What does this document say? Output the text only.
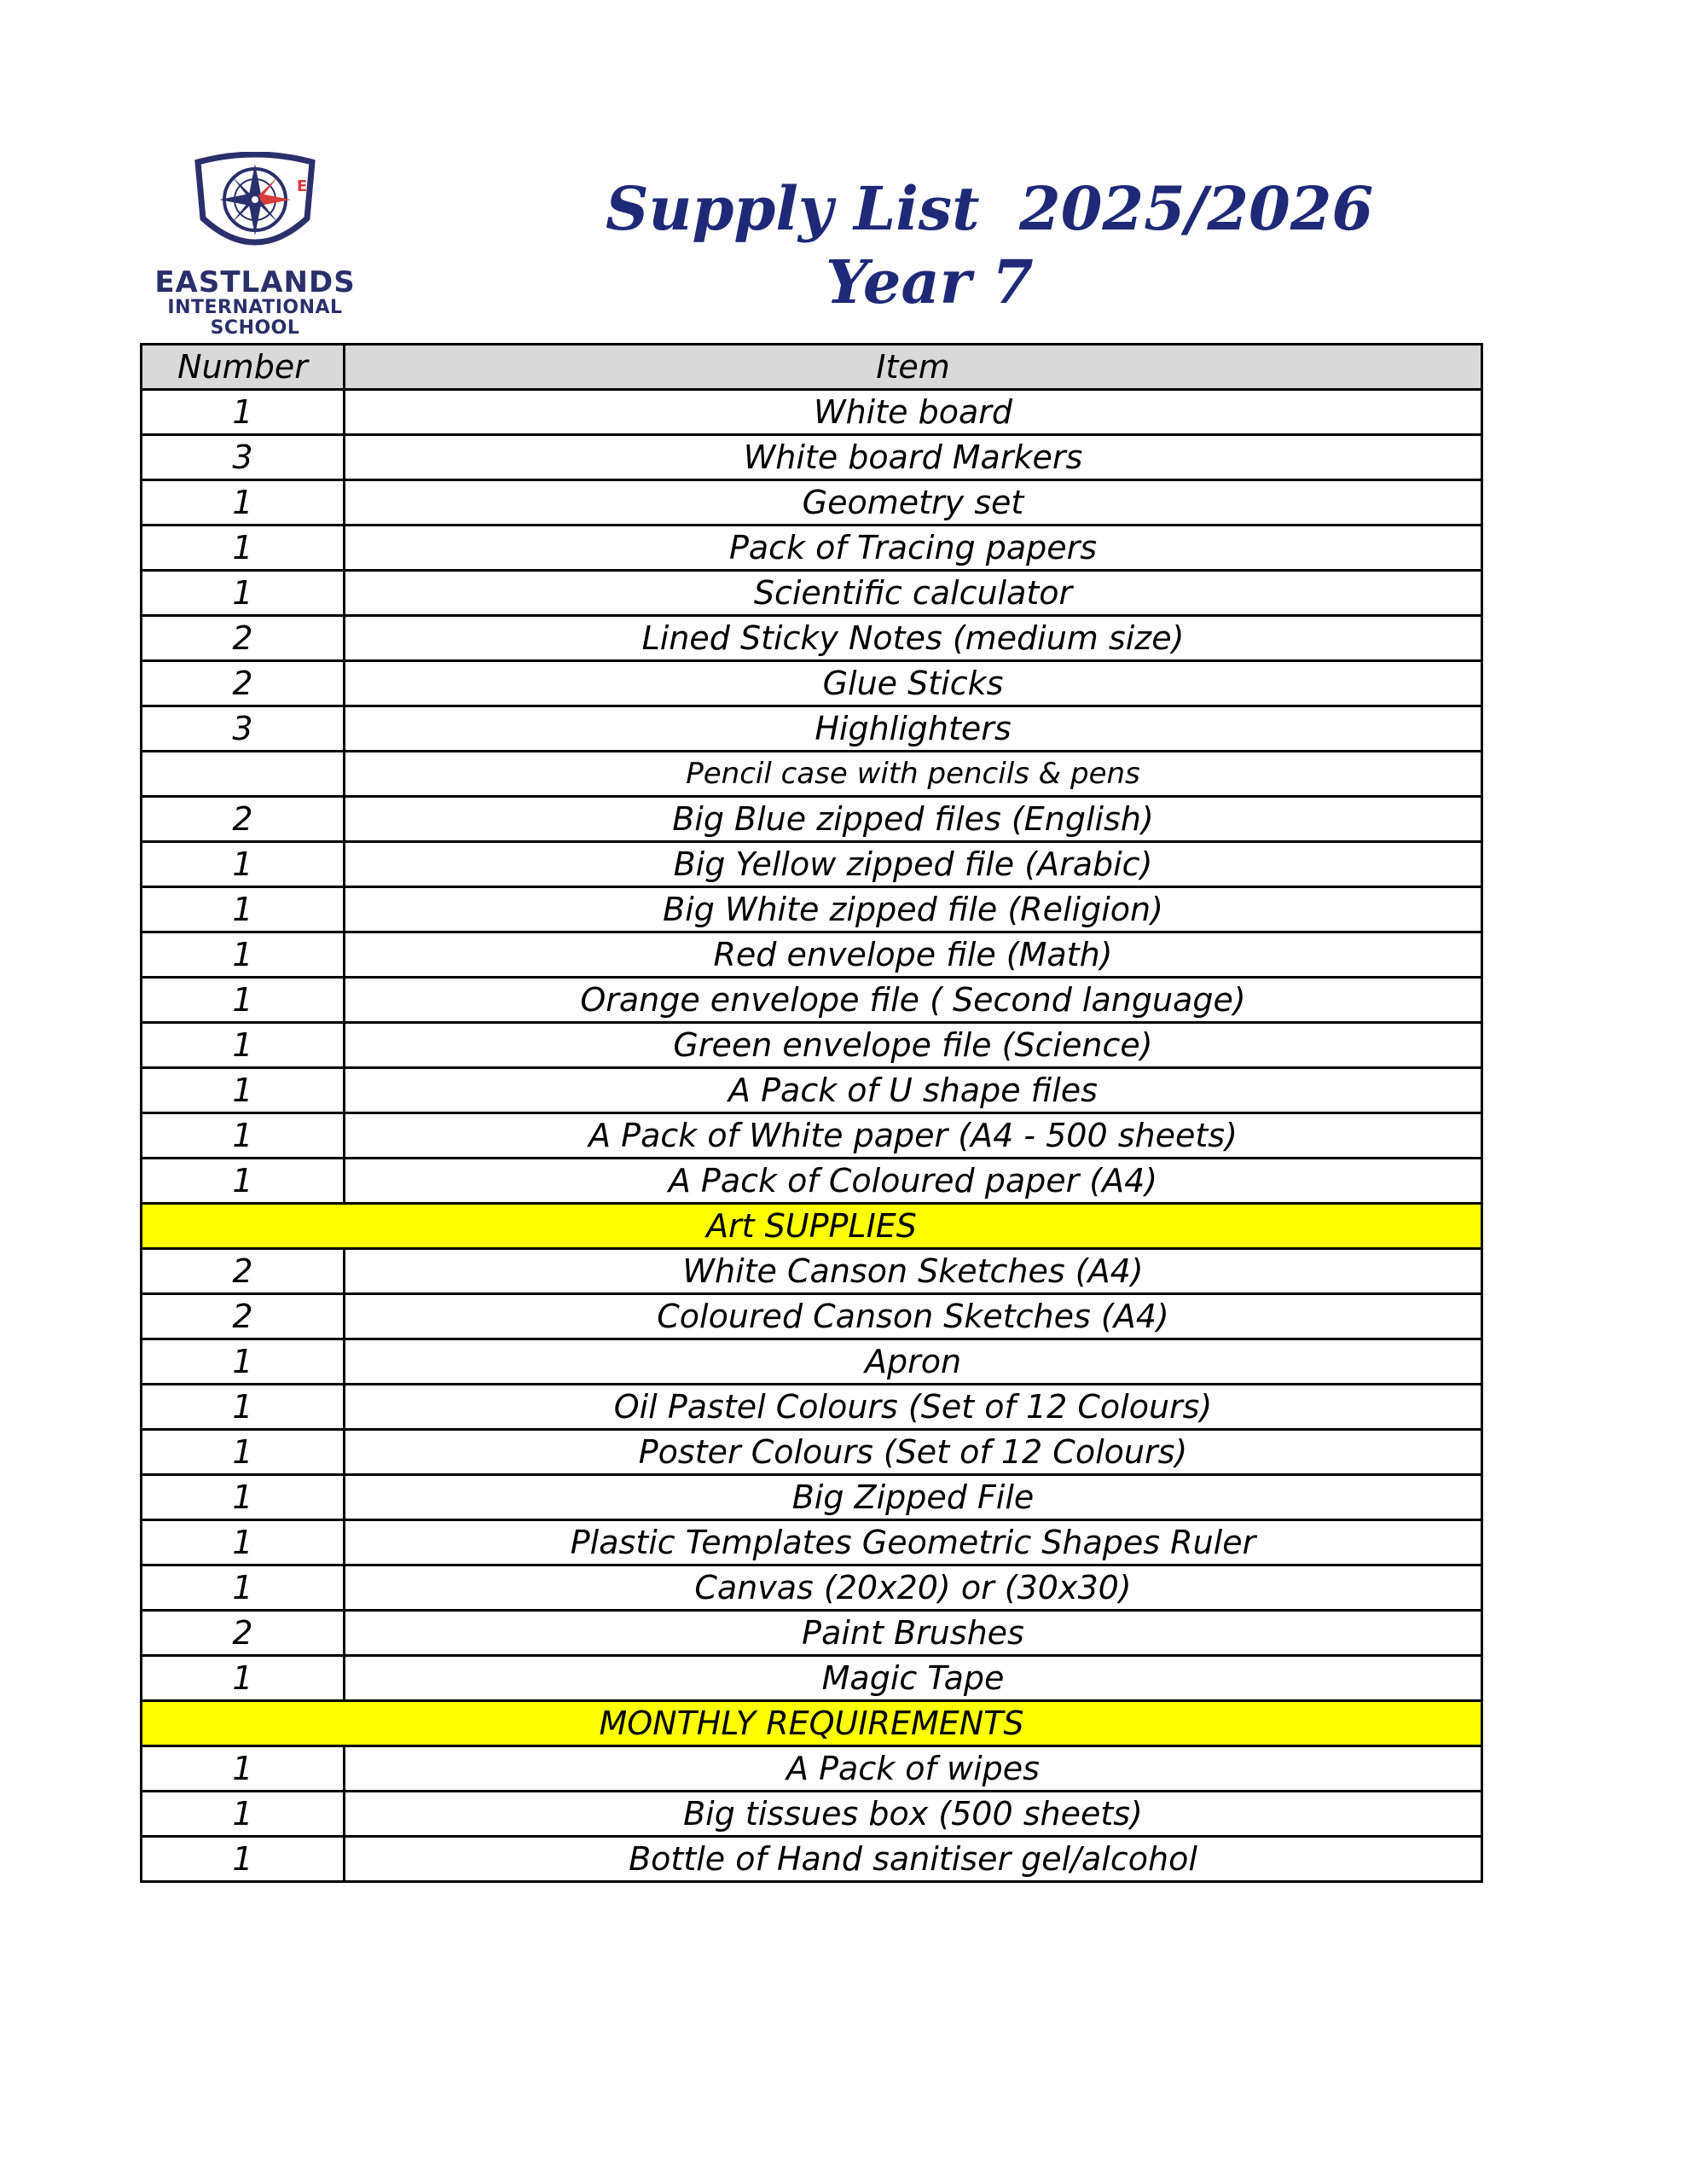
E
EASTLANDS
INTERNATIONAL
SCHOOL
Supply List 2025/2026
Year 7
Number	Item
1	White board
3	White board Markers
1	Geometry set
1	Pack of Tracing papers
1	Scientific calculator
2	Lined Sticky Notes (medium size)
2	Glue Sticks
3	Highlighters
	Pencil case with pencils & pens
2	Big Blue zipped files (English)
1	Big Yellow zipped file (Arabic)
1	Big White zipped file (Religion)
1	Red envelope file (Math)
1	Orange envelope file ( Second language)
1	Green envelope file (Science)
1	A Pack of U shape files
1	A Pack of White paper (A4 - 500 sheets)
1	A Pack of Coloured paper (A4)
Art SUPPLIES	
2	White Canson Sketches (A4)
2	Coloured Canson Sketches (A4)
1	Apron
1	Oil Pastel Colours (Set of 12 Colours)
1	Poster Colours (Set of 12 Colours)
1	Big Zipped File
1	Plastic Templates Geometric Shapes Ruler
1	Canvas (20x20) or (30x30)
2	Paint Brushes
1	Magic Tape
MONTHLY REQUIREMENTS	
1	A Pack of wipes
1	Big tissues box (500 sheets)
1	Bottle of Hand sanitiser gel/alcohol
